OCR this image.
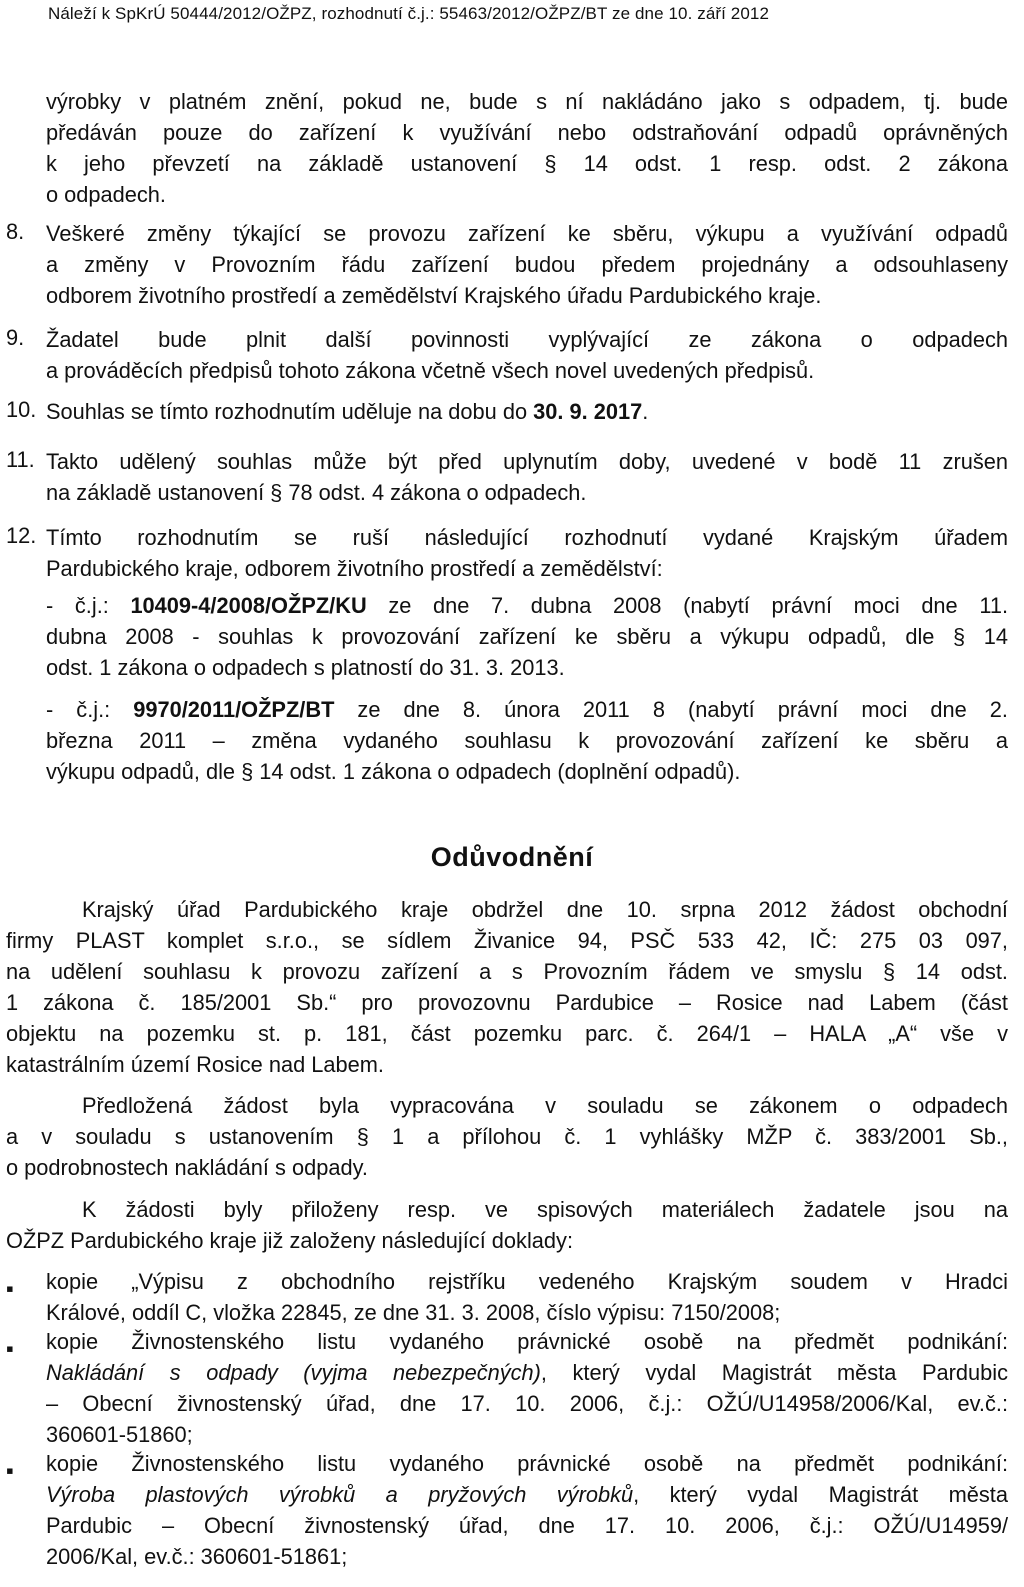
Náleží k SpKrÚ 50444/2012/OŽPZ, rozhodnutí č.j.: 55463/2012/OŽPZ/BT ze dne 10. září 2012
výrobky v platném znění, pokud ne, bude s ní nakládáno jako s odpadem, tj. bude
předáván pouze do zařízení k využívání nebo odstraňování odpadů oprávněných
k jeho převzetí na základě ustanovení § 14 odst. 1 resp. odst. 2 zákona
o odpadech.
8. Veškeré změny týkající se provozu zařízení ke sběru, výkupu a využívání odpadů
a změny v Provozním řádu zařízení budou předem projednány a odsouhlaseny
odborem životního prostředí a zemědělství Krajského úřadu Pardubického kraje.
9. Žadatel bude plnit další povinnosti vyplývající ze zákona o odpadech
a prováděcích předpisů tohoto zákona včetně všech novel uvedených předpisů.
10. Souhlas se tímto rozhodnutím uděluje na dobu do 30. 9. 2017.
11. Takto udělený souhlas může být před uplynutím doby, uvedené v bodě 11 zrušen
na základě ustanovení § 78 odst. 4 zákona o odpadech.
12. Tímto rozhodnutím se ruší následující rozhodnutí vydané Krajským úřadem
Pardubického kraje, odborem životního prostředí a zemědělství:
- č.j.: 10409-4/2008/OŽPZ/KU ze dne 7. dubna 2008 (nabytí právní moci dne 11.
dubna 2008 - souhlas k provozování zařízení ke sběru a výkupu odpadů, dle § 14
odst. 1 zákona o odpadech s platností do 31. 3. 2013.
- č.j.: 9970/2011/OŽPZ/BT ze dne 8. února 2011 8 (nabytí právní moci dne 2.
března 2011 – změna vydaného souhlasu k provozování zařízení ke sběru a
výkupu odpadů, dle § 14 odst. 1 zákona o odpadech (doplnění odpadů).
Odůvodnění
Krajský úřad Pardubického kraje obdržel dne 10. srpna 2012 žádost obchodní
firmy PLAST komplet s.r.o., se sídlem Živanice 94, PSČ 533 42, IČ: 275 03 097,
na udělení souhlasu k provozu zařízení a s Provozním řádem ve smyslu § 14 odst.
1 zákona č. 185/2001 Sb.“ pro provozovnu Pardubice – Rosice nad Labem (část
objektu na pozemku st. p. 181, část pozemku parc. č. 264/1 – HALA „A“ vše v
katastrálním území Rosice nad Labem.
Předložená žádost byla vypracována v souladu se zákonem o odpadech
a v souladu s ustanovením § 1 a přílohou č. 1 vyhlášky MŽP č. 383/2001 Sb.,
o podrobnostech nakládání s odpady.
K žádosti byly přiloženy resp. ve spisových materiálech žadatele jsou na
OŽPZ Pardubického kraje již založeny následující doklady:
▪
kopie „Výpisu z obchodního rejstříku vedeného Krajským soudem v Hradci
Králové, oddíl C, vložka 22845, ze dne 31. 3. 2008, číslo výpisu: 7150/2008;
▪
kopie Živnostenského listu vydaného právnické osobě na předmět podnikání:
Nakládání s odpady (vyjma nebezpečných), který vydal Magistrát města Pardubic
– Obecní živnostenský úřad, dne 17. 10. 2006, č.j.: OŽÚ/U14958/2006/Kal, ev.č.:
360601-51860;
▪
kopie Živnostenského listu vydaného právnické osobě na předmět podnikání:
Výroba plastových výrobků a pryžových výrobků, který vydal Magistrát města
Pardubic – Obecní živnostenský úřad, dne 17. 10. 2006, č.j.: OŽÚ/U14959/
2006/Kal, ev.č.: 360601-51861;
